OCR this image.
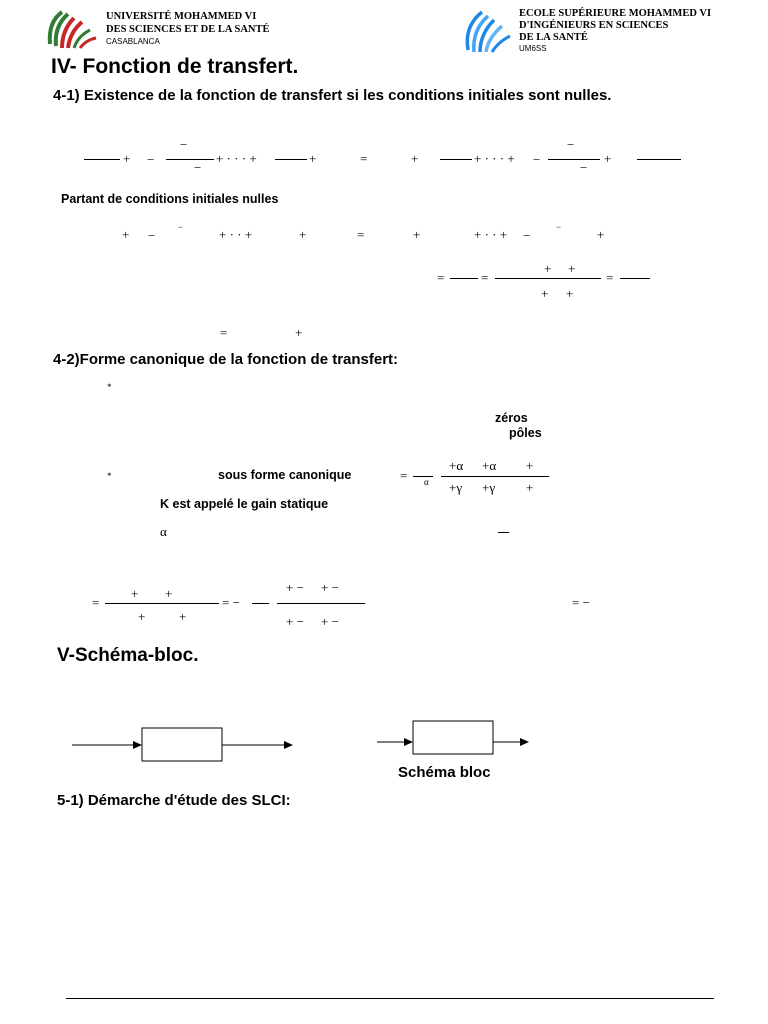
UNIVERSITÉ MOHAMMED VI
DES SCIENCES ET DE LA SANTÉ
CASABLANCA
ECOLE SUPÉRIEURE MOHAMMED VI
D'INGÉNIEURS EN SCIENCES
DE LA SANTÉ
UM6SS
IV- Fonction de transfert.
4-1) Existence de la fonction de transfert si les conditions initiales sont nulles.
+ −
−
−
+ · · · +	+	=	+	+ · · · + −
−
−
+
Partant de conditions initiales nulles
+ −
−	+ · · +	+	=	+	+ · · + −
−	+
=	=
+ +
+ +
=
=	+
4-2)Forme canonique de la fonction de transfert:
*
zéros
pôles
*	sous forme canonique	= α
+α +α +
+γ +γ +
K est appelé le gain statique
α
=
+ +
+	+
= −
+ − + −
+ − + −
= −
V-Schéma-bloc.
Schéma bloc
5-1) Démarche d'étude des SLCI:
